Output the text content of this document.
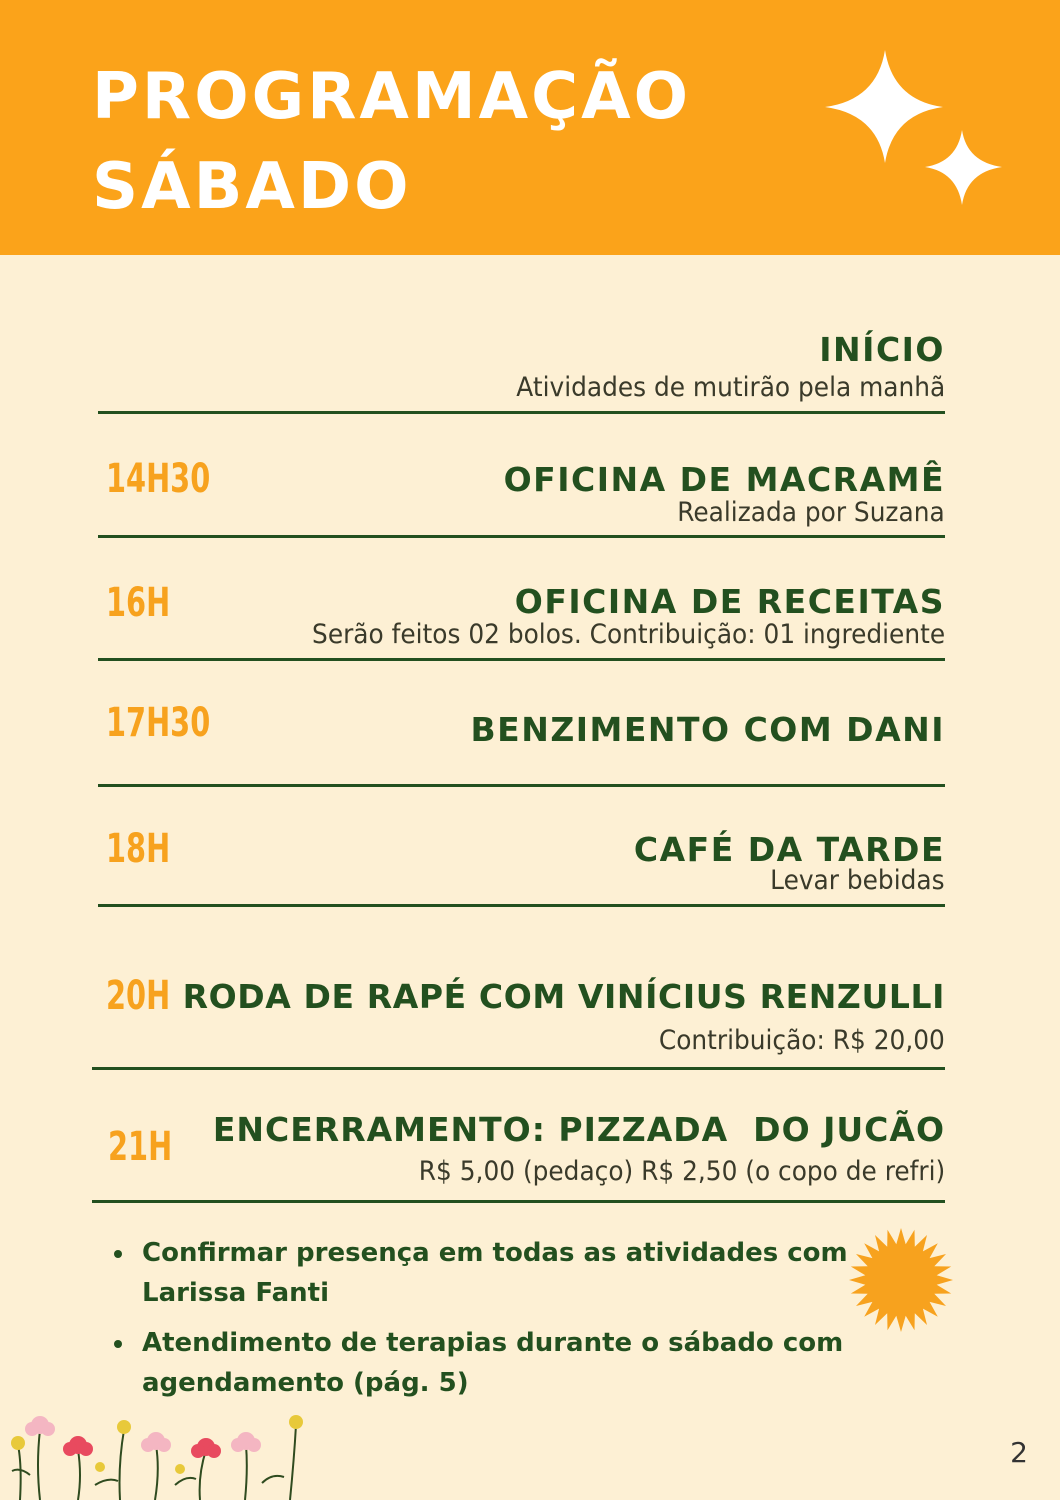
PROGRAMAÇÃO
SÁBADO
INÍCIO
Atividades de mutirão pela manhã
14H30	OFICINA DE MACRAMÊ
Realizada por Suzana
16H	OFICINA DE RECEITAS
Serão feitos 02 bolos. Contribuição: 01 ingrediente
17H30	BENZIMENTO COM DANI
18H	CAFÉ DA TARDE
Levar bebidas
20H RODA DE RAPÉ COM VINÍCIUS RENZULLI
Contribuição: R$ 20,00
21H ENCERRAMENTO: PIZZADA  DO JUCÃO
R$ 5,00 (pedaço) R$ 2,50 (o copo de refri)
Confirmar presença em todas as atividades com Larissa Fanti
Atendimento de terapias durante o sábado com agendamento (pág. 5)
2
